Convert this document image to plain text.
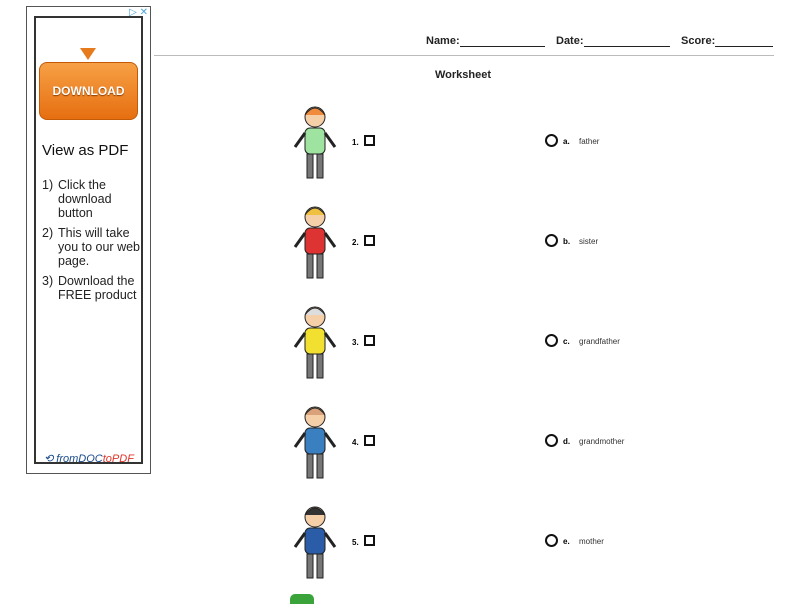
▷ ✕
DOWNLOAD
View as PDF
1) Click the download button
2) This will take you to our web page.
3) Download the FREE product
⟲ fromDOCtoPDF
Name:	Date:	Score:
Worksheet
1.	a. father
2.	b. sister
3.	c. grandfather
4.	d. grandmother
5.	e. mother
